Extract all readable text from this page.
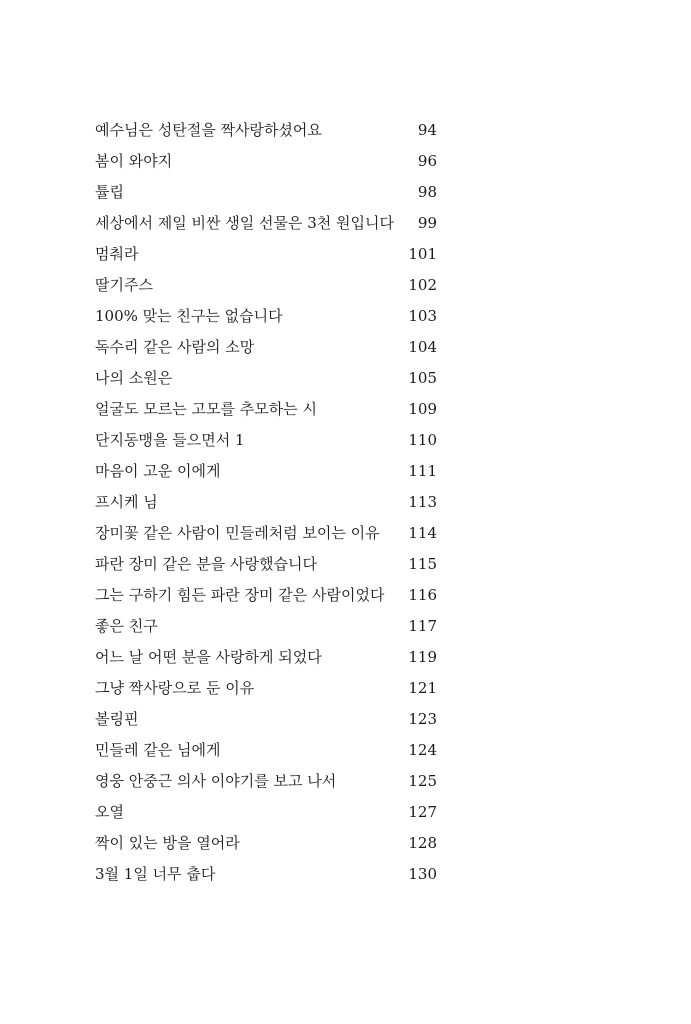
예수님은 성탄절을 짝사랑하셨어요	94
봄이 와야지	96
튤립	98
세상에서 제일 비싼 생일 선물은 3천 원입니다	99
멈춰라	101
딸기주스	102
100% 맞는 친구는 없습니다	103
독수리 같은 사람의 소망	104
나의 소원은	105
얼굴도 모르는 고모를 추모하는 시	109
단지동맹을 들으면서 1	110
마음이 고운 이에게	111
프시케 님	113
장미꽃 같은 사람이 민들레처럼 보이는 이유 114
파란 장미 같은 분을 사랑했습니다	115
그는 구하기 힘든 파란 장미 같은 사람이었다 116
좋은 친구	117
어느 날 어떤 분을 사랑하게 되었다	119
그냥 짝사랑으로 둔 이유	121
볼링핀	123
민들레 같은 님에게	124
영웅 안중근 의사 이야기를 보고 나서	125
오열	127
짝이 있는 방을 열어라	128
3월 1일 너무 춥다	130
